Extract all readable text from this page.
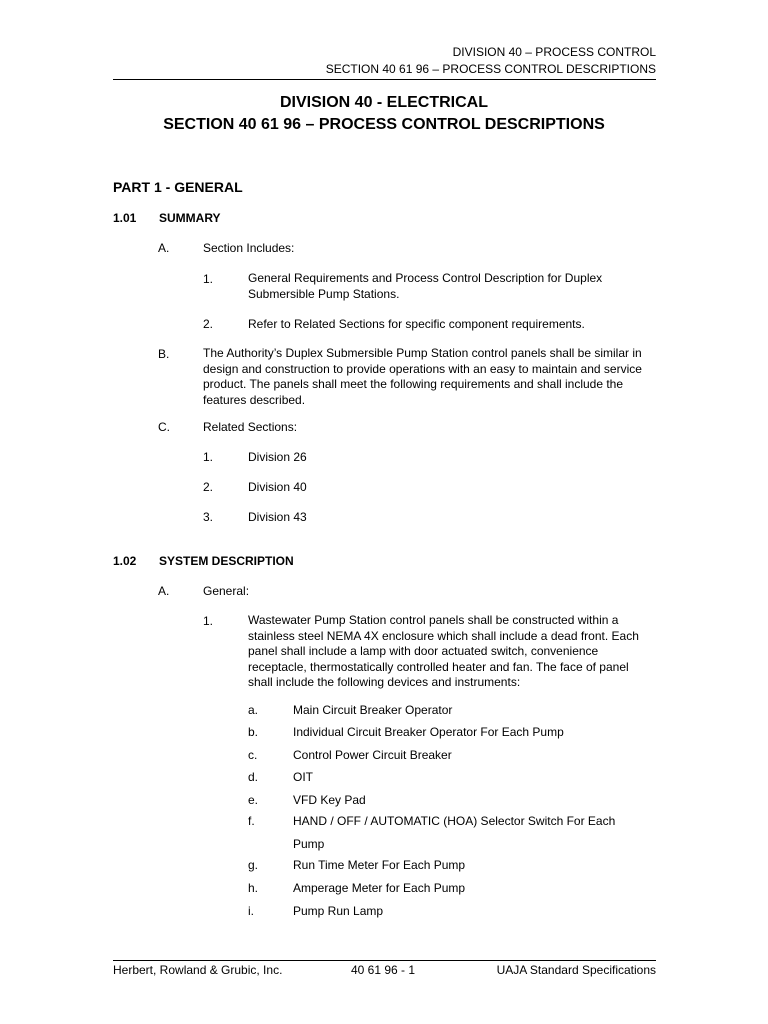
DIVISION 40 – PROCESS CONTROL
SECTION 40 61 96 – PROCESS CONTROL DESCRIPTIONS
DIVISION 40 - ELECTRICAL
SECTION 40 61 96 – PROCESS CONTROL DESCRIPTIONS
PART 1 - GENERAL
1.01 SUMMARY
A.	Section Includes:
1.	General Requirements and Process Control Description for Duplex Submersible Pump Stations.
2.	Refer to Related Sections for specific component requirements.
B.	The Authority’s Duplex Submersible Pump Station control panels shall be similar in design and construction to provide operations with an easy to maintain and service product. The panels shall meet the following requirements and shall include the features described.
C.	Related Sections:
1.	Division 26
2.	Division 40
3.	Division 43
1.02 SYSTEM DESCRIPTION
A.	General:
1.	Wastewater Pump Station control panels shall be constructed within a stainless steel NEMA 4X enclosure which shall include a dead front. Each panel shall include a lamp with door actuated switch, convenience receptacle, thermostatically controlled heater and fan. The face of panel shall include the following devices and instruments:
a.	Main Circuit Breaker Operator
b.	Individual Circuit Breaker Operator For Each Pump
c.	Control Power Circuit Breaker
d.	OIT
e.	VFD Key Pad
f.	HAND / OFF / AUTOMATIC (HOA) Selector Switch For Each
Pump
g.	Run Time Meter For Each Pump
h.	Amperage Meter for Each Pump
i.	Pump Run Lamp
Herbert, Rowland & Grubic, Inc.	40 61 96 - 1	UAJA Standard Specifications
